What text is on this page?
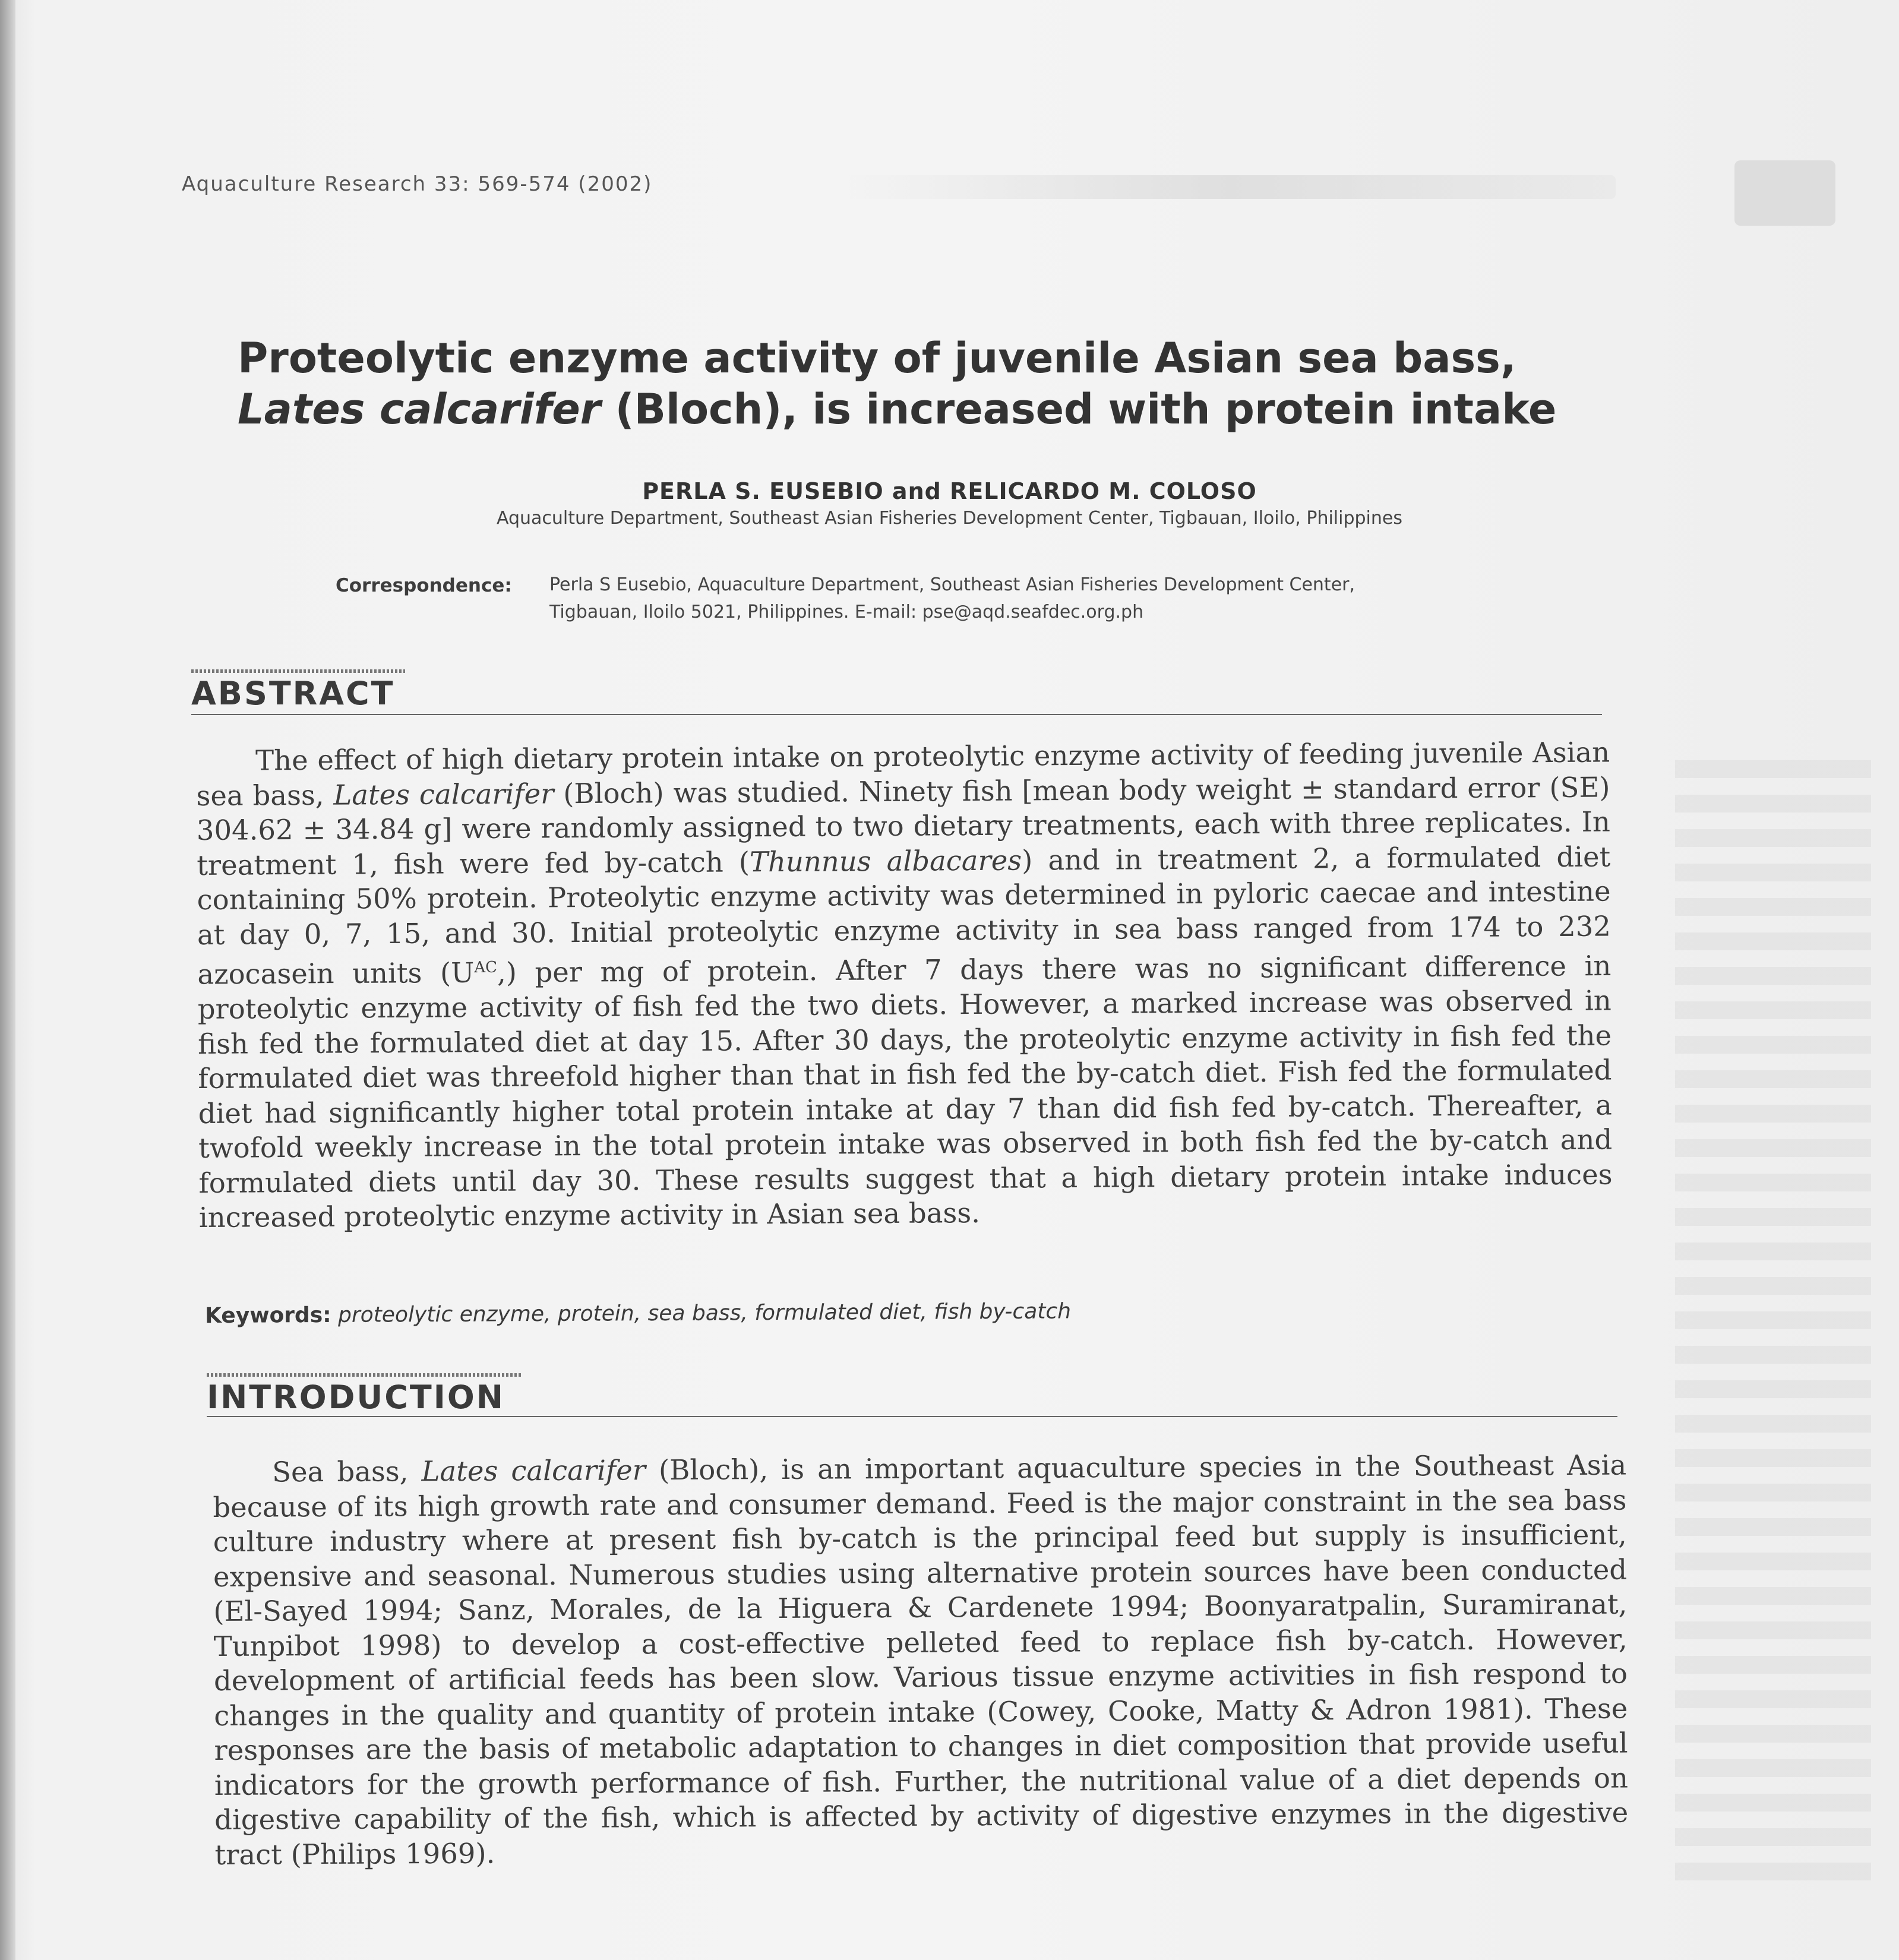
Aquaculture Research 33: 569-574 (2002)
Proteolytic enzyme activity of juvenile Asian sea bass,
Lates calcarifer (Bloch), is increased with protein intake
PERLA S. EUSEBIO and RELICARDO M. COLOSO
Aquaculture Department, Southeast Asian Fisheries Development Center, Tigbauan, Iloilo, Philippines
Correspondence: Perla S Eusebio, Aquaculture Department, Southeast Asian Fisheries Development Center,
Tigbauan, Iloilo 5021, Philippines. E-mail: pse@aqd.seafdec.org.ph
ABSTRACT

The effect of high dietary protein intake on proteolytic enzyme activity of feeding juvenile Asian sea bass, Lates calcarifer (Bloch) was studied. Ninety fish [mean body weight ± standard error (SE) 304.62 ± 34.84 g] were randomly assigned to two dietary treatments, each with three replicates. In treatment 1, fish were fed by-catch (Thunnus albacares) and in treatment 2, a formulated diet containing 50% protein. Proteolytic enzyme activity was determined in pyloric caecae and intestine at day 0, 7, 15, and 30. Initial proteolytic enzyme activity in sea bass ranged from 174 to 232 azocasein units $(U^{AC},)$ per mg of protein. After 7 days there was no significant difference in proteolytic enzyme activity of fish fed the two diets. However, a marked increase was observed in fish fed the formulated diet at day 15. After 30 days, the proteolytic enzyme activity in fish fed the formulated diet was threefold higher than that in fish fed the by-catch diet. Fish fed the formulated diet had significantly higher total protein intake at day 7 than did fish fed by-catch. Thereafter, a twofold weekly increase in the total protein intake was observed in both fish fed the by-catch and formulated diets until day 30. These results suggest that a high dietary protein intake induces increased proteolytic enzyme activity in Asian sea bass.

Keywords: proteolytic enzyme, protein, sea bass, formulated diet, fish by-catch
INTRODUCTION

Sea bass, Lates calcarifer (Bloch), is an important aquaculture species in the Southeast Asia because of its high growth rate and consumer demand. Feed is the major constraint in the sea bass culture industry where at present fish by-catch is the principal feed but supply is insufficient, expensive and seasonal. Numerous studies using alternative protein sources have been conducted (El-Sayed 1994; Sanz, Morales, de la Higuera & Cardenete 1994; Boonyaratpalin, Suramiranat, Tunpibot 1998) to develop a cost-effective pelleted feed to replace fish by-catch. However, development of artificial feeds has been slow. Various tissue enzyme activities in fish respond to changes in the quality and quantity of protein intake (Cowey, Cooke, Matty & Adron 1981). These responses are the basis of metabolic adaptation to changes in diet composition that provide useful indicators for the growth performance of fish. Further, the nutritional value of a diet depends on digestive capability of the fish, which is affected by activity of digestive enzymes in the digestive tract (Philips 1969).
